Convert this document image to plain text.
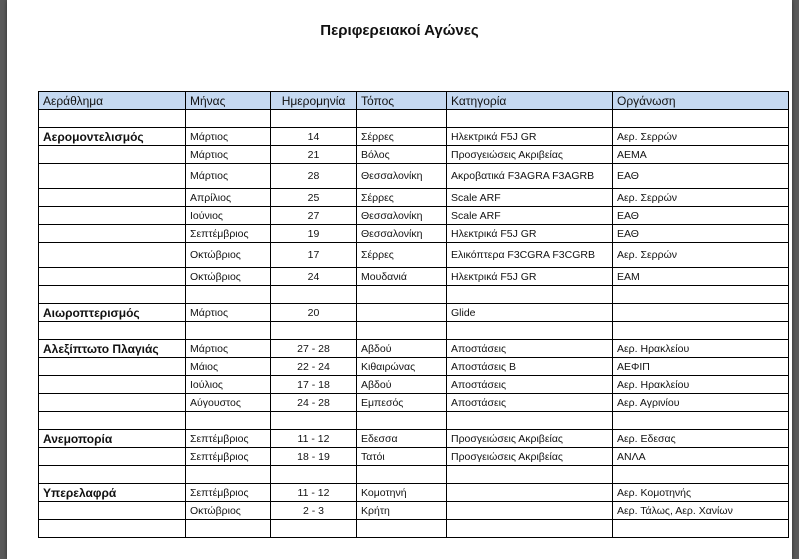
Περιφερειακοί Αγώνες
Αεράθλημα	Μήνας	Ημερομηνία	Τόπος	Κατηγορία	Οργάνωση

Αερομοντελισμός	Μάρτιος	14	Σέρρες	Ηλεκτρικά F5J GR	Αερ. Σερρών
	Μάρτιος	21	Βόλος	Προσγειώσεις Ακριβείας	ΑΕΜΑ
	Μάρτιος	28	Θεσσαλονίκη	Ακροβατικά F3AGRA F3AGRB	ΕΑΘ
	Απρίλιος	25	Σέρρες	Scale ARF	Αερ. Σερρών
	Ιούνιος	27	Θεσσαλονίκη	Scale ARF	ΕΑΘ
	Σεπτέμβριος	19	Θεσσαλονίκη	Ηλεκτρικά F5J GR	ΕΑΘ
	Οκτώβριος	17	Σέρρες	Ελικόπτερα F3CGRA F3CGRB	Αερ. Σερρών
	Οκτώβριος	24	Μουδανιά	Ηλεκτρικά F5J GR	ΕΑΜ

Αιωροπτερισμός	Μάρτιος	20		Glide	

Αλεξίπτωτο Πλαγιάς	Μάρτιος	27 - 28	Αβδού	Αποστάσεις	Αερ. Ηρακλείου
	Μάιος	22 - 24	Κιθαιρώνας	Αποστάσεις Β	ΑΕΦΙΠ
	Ιούλιος	17 - 18	Αβδού	Αποστάσεις	Αερ. Ηρακλείου
	Αύγουστος	24 - 28	Εμπεσός	Αποστάσεις	Αερ. Αγρινίου

Ανεμοπορία	Σεπτέμβριος	11 - 12	Εδεσσα	Προσγειώσεις Ακριβείας	Αερ. Εδεσας
	Σεπτέμβριος	18 - 19	Τατόι	Προσγειώσεις Ακριβείας	ΑΝΛΑ

Υπερελαφρά	Σεπτέμβριος	11 - 12	Κομοτηνή		Αερ. Κομοτηνής
	Οκτώβριος	2 - 3	Κρήτη		Αερ. Τάλως, Αερ. Χανίων
